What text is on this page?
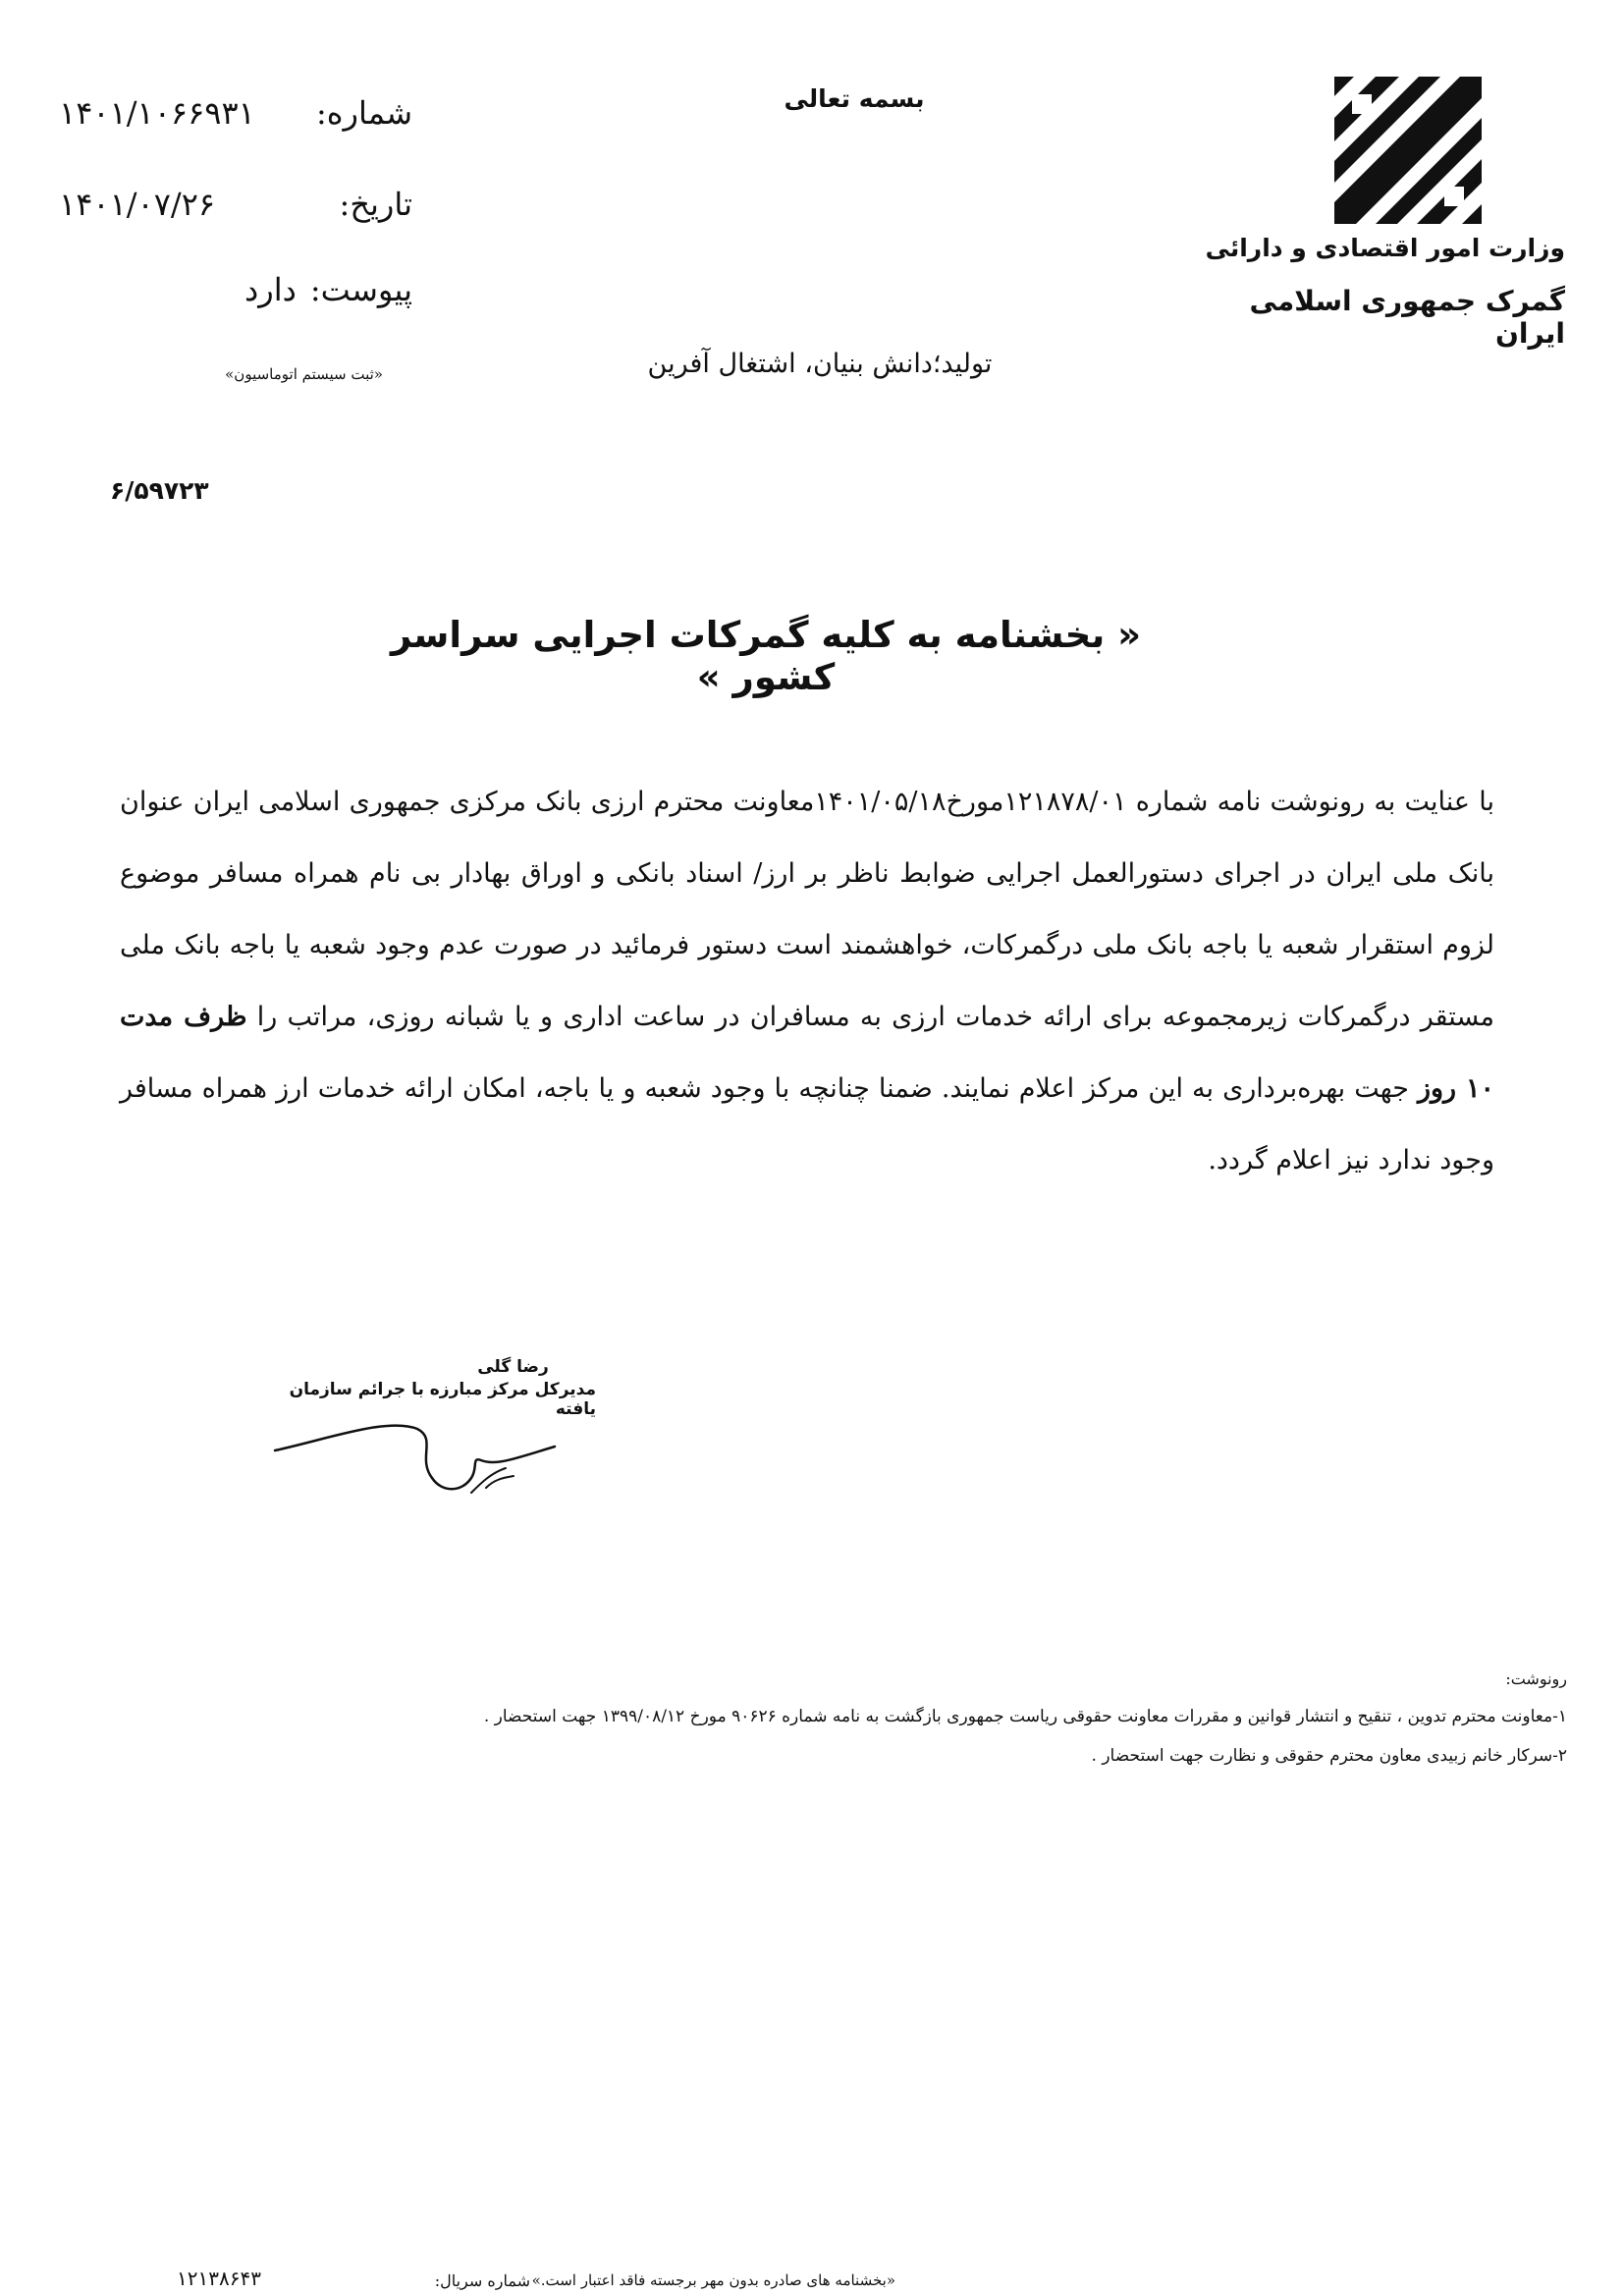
وزارت امور اقتصادی و دارائی
گمرک جمهوری اسلامی ایران
بسمه تعالی
تولید؛دانش بنیان، اشتغال آفرین
شماره:
۱۴۰۱/۱۰۶۶۹۳۱
تاریخ:
۱۴۰۱/۰۷/۲۶
پیوست:
دارد
«ثبت سیستم اتوماسیون»
۶/۵۹۷۲۳
« بخشنامه به کلیه گمرکات اجرایی سراسر کشور »
با عنایت به رونوشت نامه شماره ۱۲۱۸۷۸/۰۱مورخ۱۴۰۱/۰۵/۱۸معاونت محترم ارزی بانک مرکزی جمهوری اسلامی ایران عنوان بانک ملی ایران در اجرای دستورالعمل اجرایی ضوابط ناظر بر ارز/ اسناد بانکی و اوراق بهادار بی نام همراه مسافر موضوع لزوم استقرار شعبه یا باجه بانک ملی درگمرکات، خواهشمند است دستور فرمائید در صورت عدم وجود شعبه یا باجه بانک ملی مستقر درگمرکات زیرمجموعه برای ارائه خدمات ارزی به مسافران در ساعت اداری و یا شبانه روزی، مراتب را ظرف مدت ۱۰ روز جهت بهره‌برداری به این مرکز اعلام نمایند. ضمنا چنانچه با وجود شعبه و یا باجه، امکان ارائه خدمات ارز همراه مسافر وجود ندارد نیز اعلام گردد.
رضا گلی
مدیرکل مرکز مبارزه با جرائم سازمان یافته
رونوشت:
۱-معاونت محترم تدوین ، تنقیح و انتشار قوانین و مقررات معاونت حقوقی ریاست جمهوری بازگشت به نامه شماره ۹۰۶۲۶ مورخ ۱۳۹۹/۰۸/۱۲ جهت استحضار .
۲-سرکار خانم زبیدی معاون محترم حقوقی و نظارت جهت استحضار .
«بخشنامه های صادره بدون مهر برجسته فاقد اعتبار است.»
شماره سریال:
۱۲۱۳۸۶۴۳
